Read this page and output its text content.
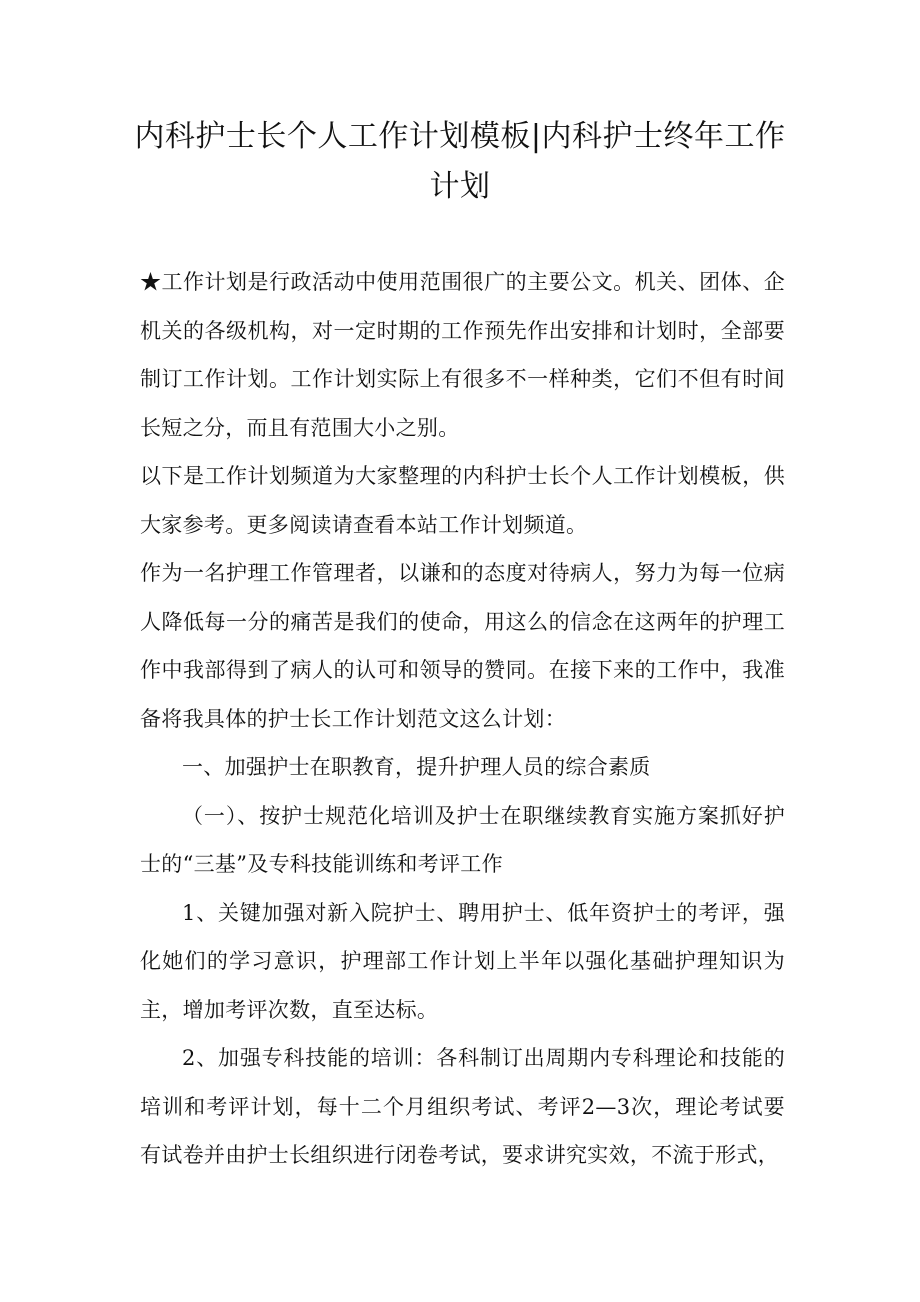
内科护士长个人工作计划模板|内科护士终年工作计划

★工作计划是行政活动中使用范围很广的主要公文。机关、团体、企机关的各级机构，对一定时期的工作预先作出安排和计划时，全部要制订工作计划。工作计划实际上有很多不一样种类，它们不但有时间长短之分，而且有范围大小之别。

以下是工作计划频道为大家整理的内科护士长个人工作计划模板，供大家参考。更多阅读请查看本站工作计划频道。

作为一名护理工作管理者，以谦和的态度对待病人，努力为每一位病人降低每一分的痛苦是我们的使命，用这么的信念在这两年的护理工作中我部得到了病人的认可和领导的赞同。在接下来的工作中，我准备将我具体的护士长工作计划范文这么计划：

一、加强护士在职教育，提升护理人员的综合素质

（一）、按护士规范化培训及护士在职继续教育实施方案抓好护士的“三基”及专科技能训练和考评工作

1、关键加强对新入院护士、聘用护士、低年资护士的考评，强化她们的学习意识，护理部工作计划上半年以强化基础护理知识为主，增加考评次数，直至达标。

2、加强专科技能的培训：各科制订出周期内专科理论和技能的培训和考评计划，每十二个月组织考试、考评2—3次，理论考试要有试卷并由护士长组织进行闭卷考试，要求讲究实效，不流于形式，
